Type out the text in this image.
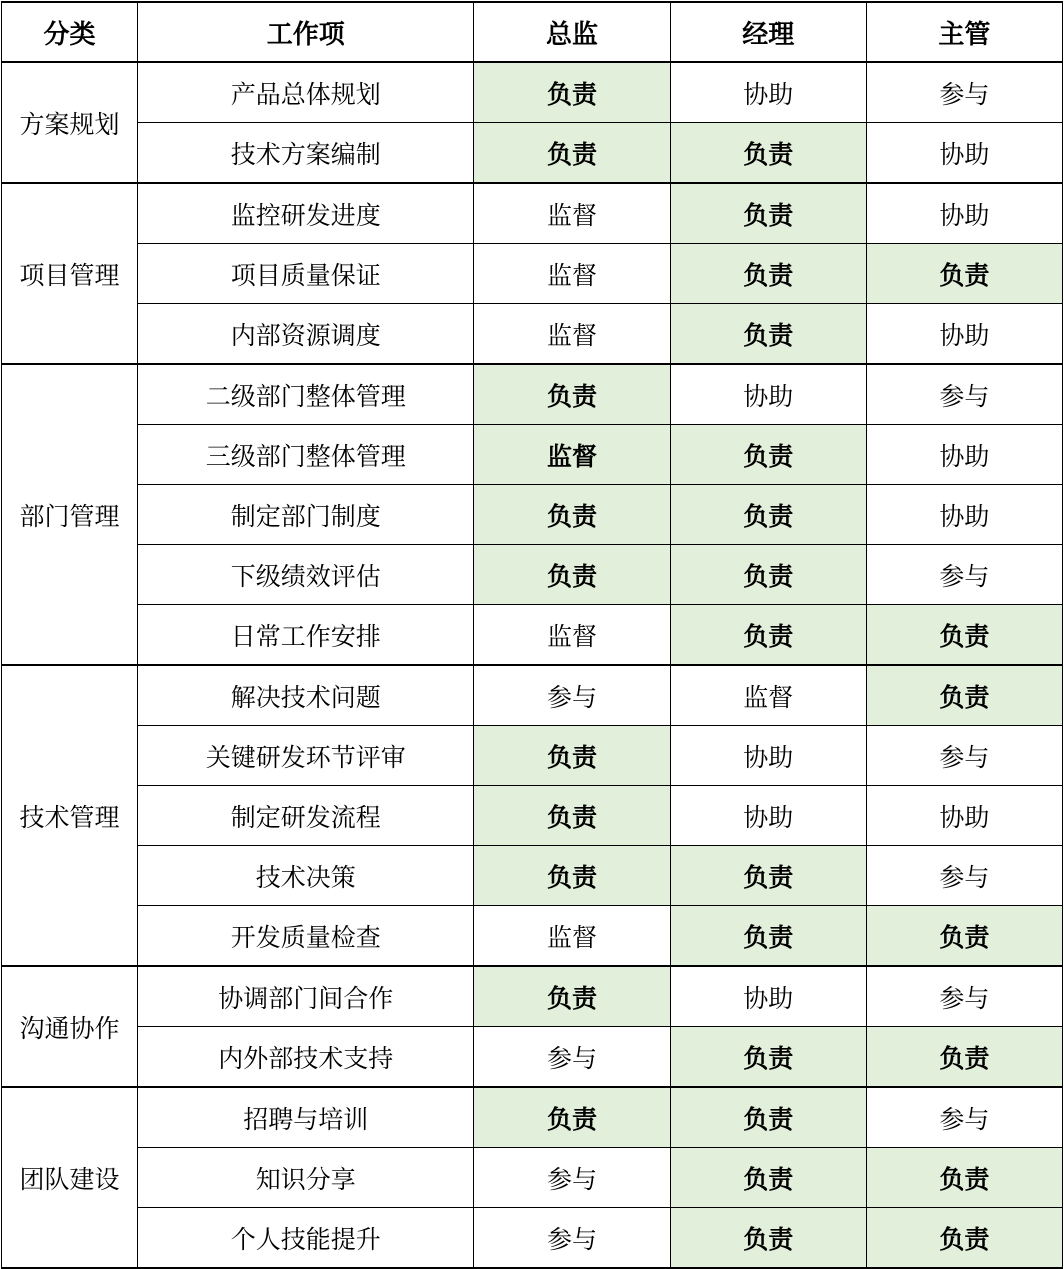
分类	工作项	总监	经理	主管
方案规划	产品总体规划	负责	协助	参与
	技术方案编制	负责	负责	协助
项目管理	监控研发进度	监督	负责	协助
	项目质量保证	监督	负责	负责
	内部资源调度	监督	负责	协助
部门管理	二级部门整体管理	负责	协助	参与
	三级部门整体管理	监督	负责	协助
	制定部门制度	负责	负责	协助
	下级绩效评估	负责	负责	参与
	日常工作安排	监督	负责	负责
技术管理	解决技术问题	参与	监督	负责
	关键研发环节评审	负责	协助	参与
	制定研发流程	负责	协助	协助
	技术决策	负责	负责	参与
	开发质量检查	监督	负责	负责
沟通协作	协调部门间合作	负责	协助	参与
	内外部技术支持	参与	负责	负责
团队建设	招聘与培训	负责	负责	参与
	知识分享	参与	负责	负责
	个人技能提升	参与	负责	负责
